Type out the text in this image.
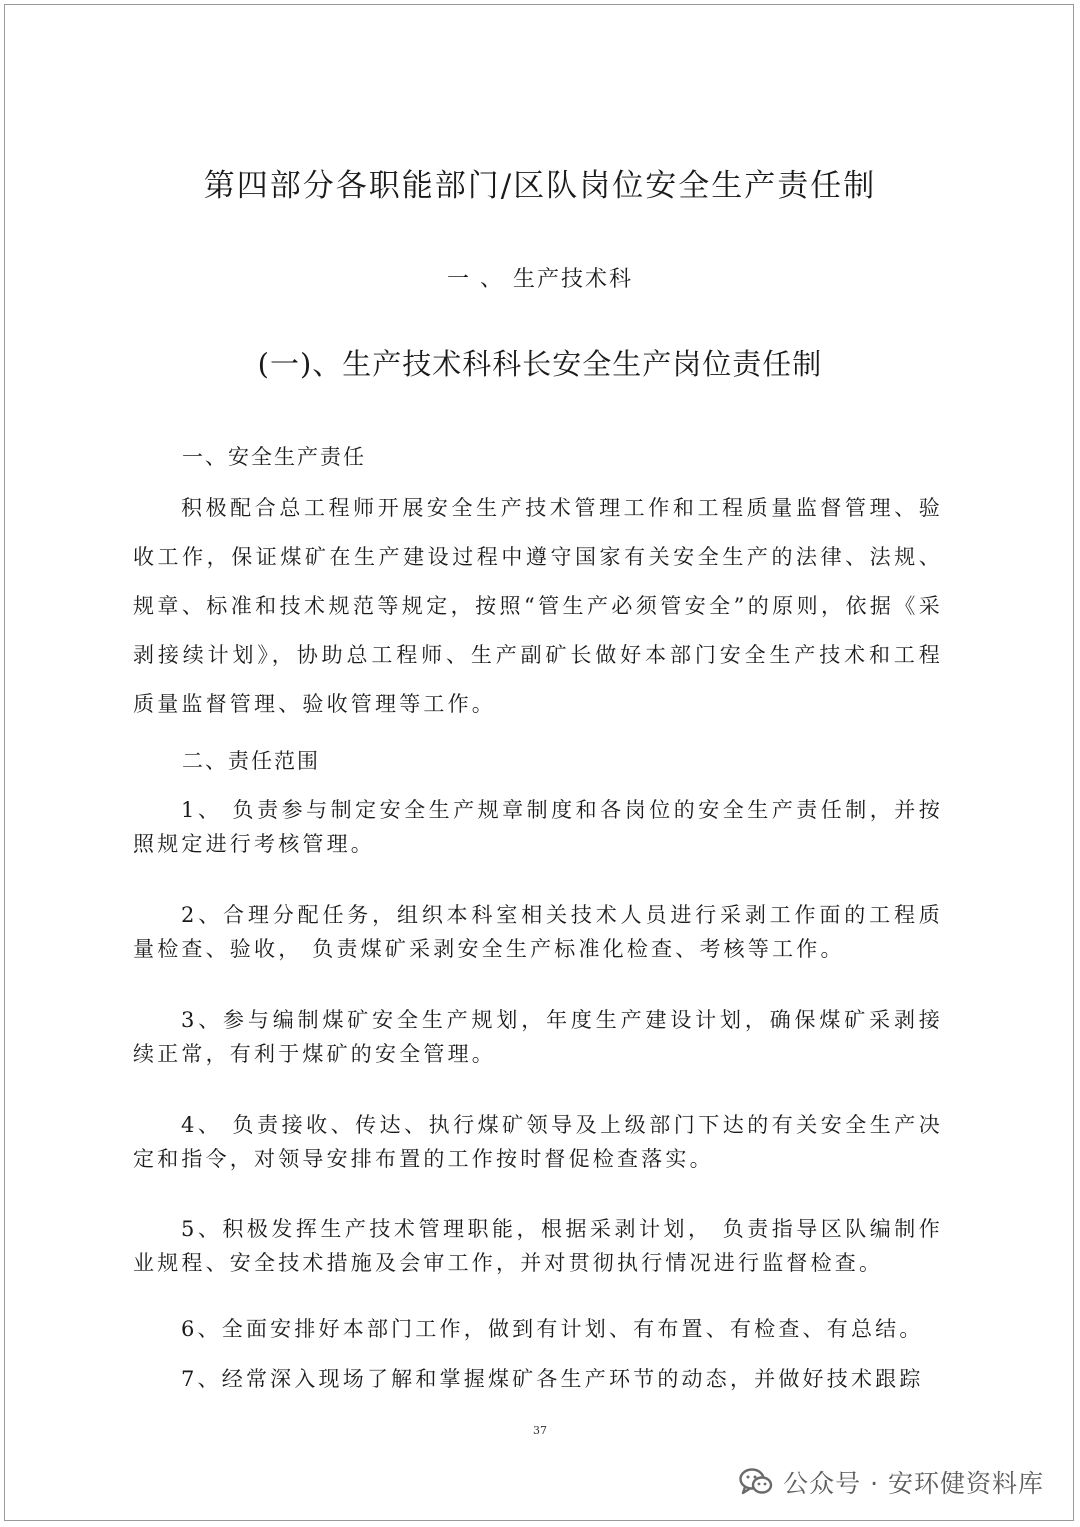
第四部分各职能部门/区队岗位安全生产责任制
一 、 生产技术科
(一)、生产技术科科长安全生产岗位责任制
一、安全生产责任
积极配合总工程师开展安全生产技术管理工作和工程质量监督管理、验收工作，保证煤矿在生产建设过程中遵守国家有关安全生产的法律、法规、规章、标准和技术规范等规定，按照“管生产必须管安全”的原则，依据《采剥接续计划》，协助总工程师、生产副矿长做好本部门安全生产技术和工程质量监督管理、验收管理等工作。
二、责任范围
1、 负责参与制定安全生产规章制度和各岗位的安全生产责任制，并按照规定进行考核管理。
2、合理分配任务，组织本科室相关技术人员进行采剥工作面的工程质量检查、验收， 负责煤矿采剥安全生产标准化检查、考核等工作。
3、参与编制煤矿安全生产规划，年度生产建设计划，确保煤矿采剥接续正常，有利于煤矿的安全管理。
4、 负责接收、传达、执行煤矿领导及上级部门下达的有关安全生产决定和指令，对领导安排布置的工作按时督促检查落实。
5、积极发挥生产技术管理职能，根据采剥计划， 负责指导区队编制作业规程、安全技术措施及会审工作，并对贯彻执行情况进行监督检查。
6、全面安排好本部门工作，做到有计划、有布置、有检查、有总结。
7、经常深入现场了解和掌握煤矿各生产环节的动态，并做好技术跟踪
37
公众号 · 安环健资料库
